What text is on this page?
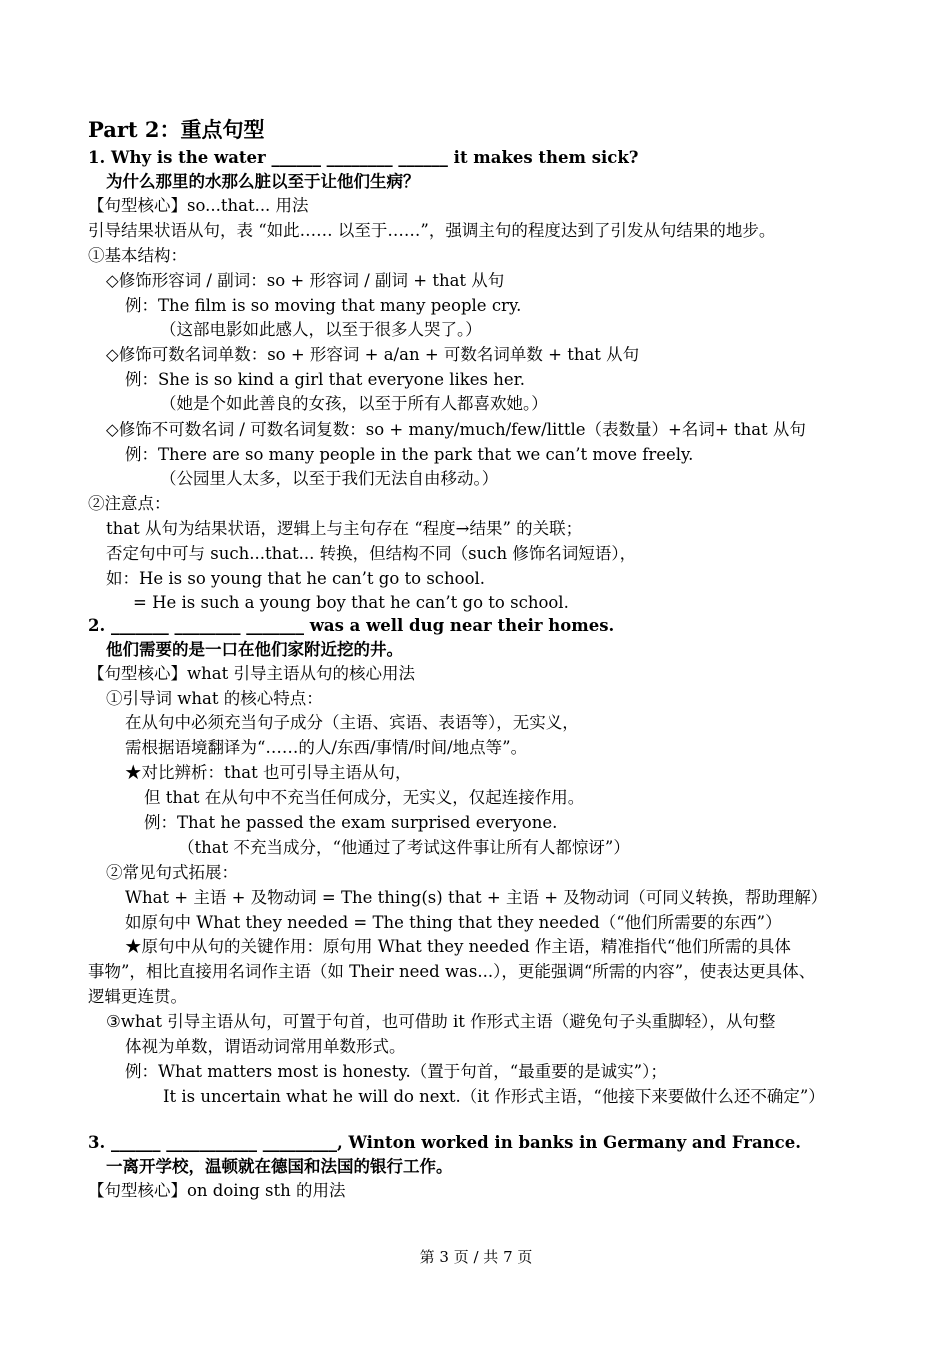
Part 2：重点句型
1. Why is the water ______ ________ ______ it makes them sick?
为什么那里的水那么脏以至于让他们生病？
【句型核心】so...that... 用法
引导结果状语从句，表 “如此…… 以至于……”，强调主句的程度达到了引发从句结果的地步。
①基本结构：
◇修饰形容词 / 副词：so + 形容词 / 副词 + that 从句
例：The film is so moving that many people cry.
（这部电影如此感人，以至于很多人哭了。）
◇修饰可数名词单数：so + 形容词 + a/an + 可数名词单数 + that 从句
例：She is so kind a girl that everyone likes her.
（她是个如此善良的女孩，以至于所有人都喜欢她。）
◇修饰不可数名词 / 可数名词复数：so + many/much/few/little（表数量）+名词+ that 从句
例：There are so many people in the park that we can’t move freely.
（公园里人太多，以至于我们无法自由移动。）
②注意点：
that 从句为结果状语，逻辑上与主句存在 “程度→结果” 的关联；
否定句中可与 such...that... 转换，但结构不同（such 修饰名词短语），
如：He is so young that he can’t go to school.
= He is such a young boy that he can’t go to school.
2. _______ ________ _______ was a well dug near their homes.
他们需要的是一口在他们家附近挖的井。
【句型核心】what 引导主语从句的核心用法
①引导词 what 的核心特点：
在从句中必须充当句子成分（主语、宾语、表语等），无实义，
需根据语境翻译为“……的人/东西/事情/时间/地点等”。
★对比辨析：that 也可引导主语从句，
但 that 在从句中不充当任何成分，无实义，仅起连接作用。
例：That he passed the exam surprised everyone.
（that 不充当成分，“他通过了考试这件事让所有人都惊讶”）
②常见句式拓展：
What + 主语 + 及物动词 = The thing(s) that + 主语 + 及物动词（可同义转换，帮助理解）
如原句中 What they needed = The thing that they needed（“他们所需要的东西”）
★原句中从句的关键作用：原句用 What they needed 作主语，精准指代“他们所需的具体
事物”，相比直接用名词作主语（如 Their need was...），更能强调“所需的内容”，使表达更具体、
逻辑更连贯。
③what 引导主语从句，可置于句首，也可借助 it 作形式主语（避免句子头重脚轻），从句整
体视为单数，谓语动词常用单数形式。
例：What matters most is honesty.（置于句首，“最重要的是诚实”）；
It is uncertain what he will do next.（it 作形式主语，“他接下来要做什么还不确定”）
3. ______ ___________ _________, Winton worked in banks in Germany and France.
一离开学校，温顿就在德国和法国的银行工作。
【句型核心】on doing sth 的用法
第 3 页 / 共 7 页
